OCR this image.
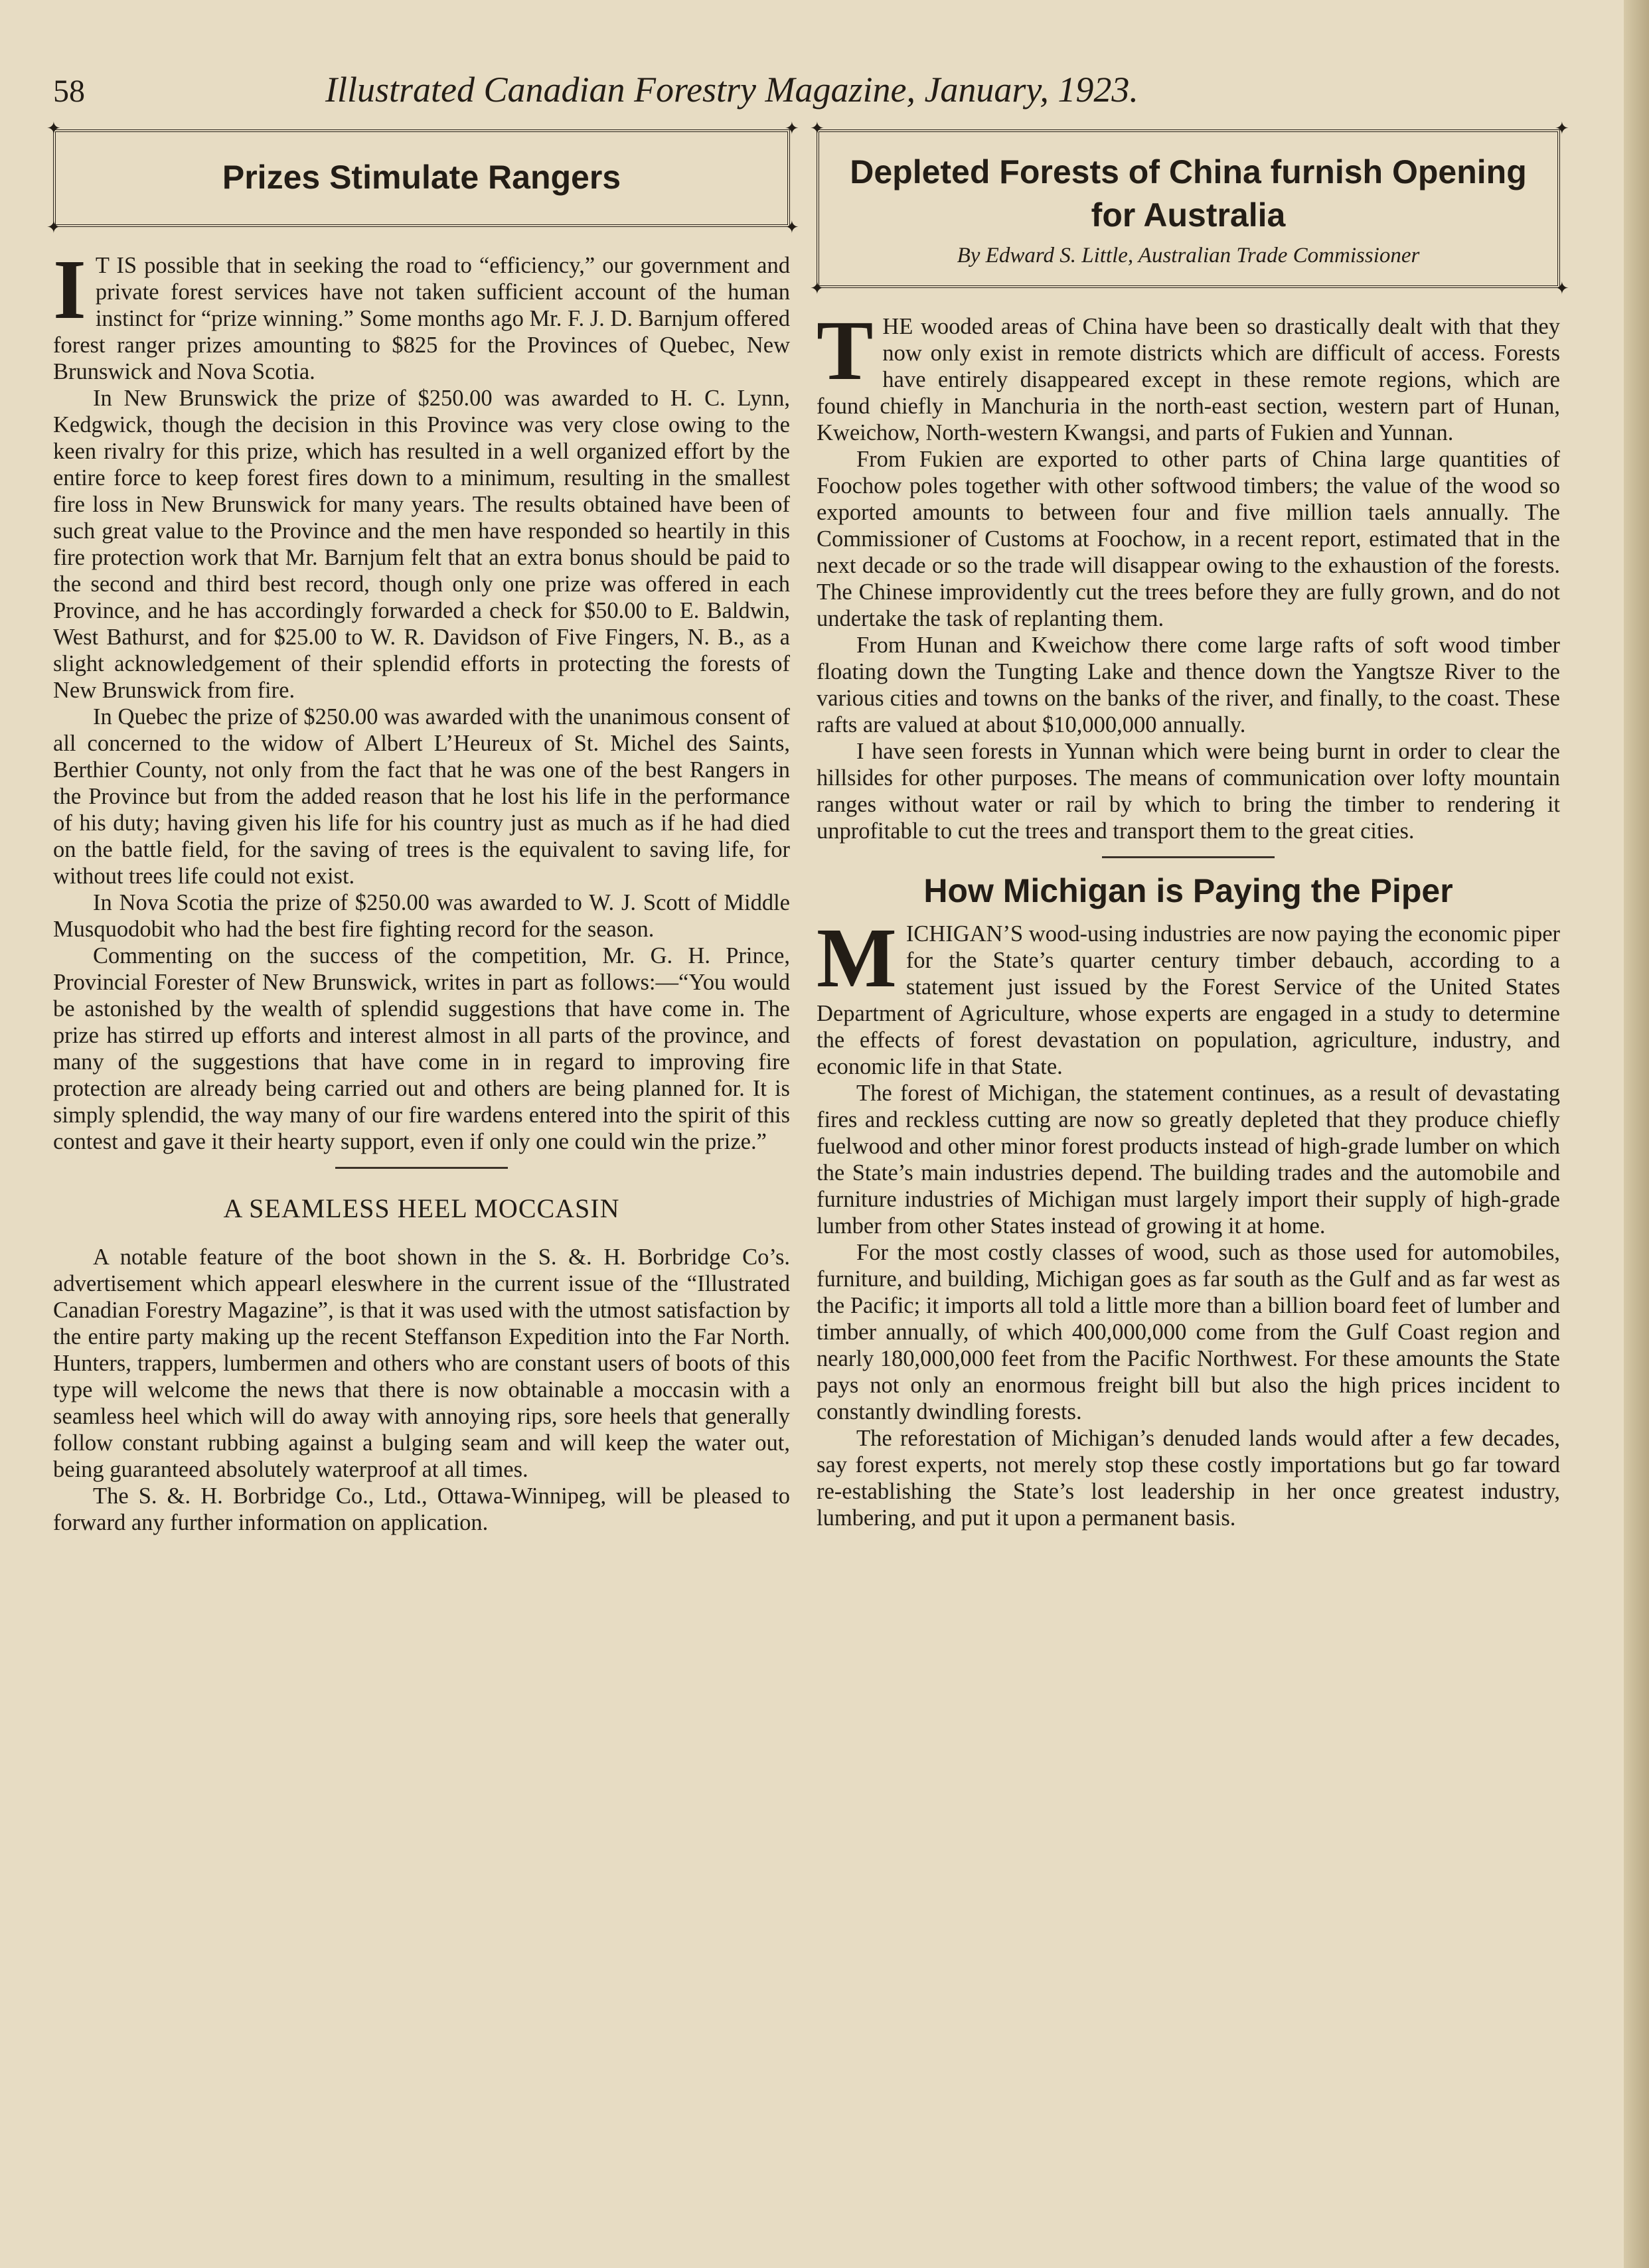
58	Illustrated Canadian Forestry Magazine, January, 1923.
✦	✦
✦	✦
Prizes Stimulate Rangers

I T IS possible that in seeking the road to “efficiency,” our government and private forest services have not taken sufficient account of the human instinct for “prize winning.” Some months ago Mr. F. J. D. Barnjum offered forest ranger prizes amounting to $825 for the Provinces of Quebec, New Brunswick and Nova Scotia.

In New Brunswick the prize of $250.00 was awarded to H. C. Lynn, Kedgwick, though the decision in this Province was very close owing to the keen rivalry for this prize, which has resulted in a well organized effort by the entire force to keep forest fires down to a minimum, resulting in the smallest fire loss in New Brunswick for many years. The results obtained have been of such great value to the Province and the men have responded so heartily in this fire protection work that Mr. Barnjum felt that an extra bonus should be paid to the second and third best record, though only one prize was offered in each Province, and he has accordingly forwarded a check for $50.00 to E. Baldwin, West Bathurst, and for $25.00 to W. R. Davidson of Five Fingers, N. B., as a slight acknowledgement of their splendid efforts in protecting the forests of New Brunswick from fire.

In Quebec the prize of $250.00 was awarded with the unanimous consent of all concerned to the widow of Albert L’Heureux of St. Michel des Saints, Berthier County, not only from the fact that he was one of the best Rangers in the Province but from the added reason that he lost his life in the performance of his duty; having given his life for his country just as much as if he had died on the battle field, for the saving of trees is the equivalent to saving life, for without trees life could not exist.

In Nova Scotia the prize of $250.00 was awarded to W. J. Scott of Middle Musquodobit who had the best fire fighting record for the season.

Commenting on the success of the competition, Mr. G. H. Prince, Provincial Forester of New Brunswick, writes in part as follows:—“You would be astonished by the wealth of splendid suggestions that have come in. The prize has stirred up efforts and interest almost in all parts of the province, and many of the suggestions that have come in in regard to improving fire protection are already being carried out and others are being planned for. It is simply splendid, the way many of our fire wardens entered into the spirit of this contest and gave it their hearty support, even if only one could win the prize.”

A SEAMLESS HEEL MOCCASIN

A notable feature of the boot shown in the S. &. H. Borbridge Co’s. advertisement which appearl eleswhere in the current issue of the “Illustrated Canadian Forestry Magazine”, is that it was used with the utmost satisfaction by the entire party making up the recent Steffanson Expedition into the Far North. Hunters, trappers, lumbermen and others who are constant users of boots of this type will welcome the news that there is now obtainable a moccasin with a seamless heel which will do away with annoying rips, sore heels that generally follow constant rubbing against a bulging seam and will keep the water out, being guaranteed absolutely waterproof at all times.

The S. &. H. Borbridge Co., Ltd., Ottawa-Winnipeg, will be pleased to forward any further information on application.

✦	✦
✦	✦
Depleted Forests of China furnish Opening for Australia
By Edward S. Little, Australian Trade Commissioner

THE wooded areas of China have been so drastically dealt with that they now only exist in remote districts which are difficult of access. Forests have entirely disappeared except in these remote regions, which are found chiefly in Manchuria in the north-east section, western part of Hunan, Kweichow, North-western Kwangsi, and parts of Fukien and Yunnan.

From Fukien are exported to other parts of China large quantities of Foochow poles together with other softwood timbers; the value of the wood so exported amounts to between four and five million taels annually. The Commissioner of Customs at Foochow, in a recent report, estimated that in the next decade or so the trade will disappear owing to the exhaustion of the forests. The Chinese improvidently cut the trees before they are fully grown, and do not undertake the task of replanting them.

From Hunan and Kweichow there come large rafts of soft wood timber floating down the Tungting Lake and thence down the Yangtsze River to the various cities and towns on the banks of the river, and finally, to the coast. These rafts are valued at about $10,000,000 annually.

I have seen forests in Yunnan which were being burnt in order to clear the hillsides for other purposes. The means of communication over lofty mountain ranges without water or rail by which to bring the timber to rendering it unprofitable to cut the trees and transport them to the great cities.

How Michigan is Paying the Piper

MICHIGAN’S wood-using industries are now paying the economic piper for the State’s quarter century timber debauch, according to a statement just issued by the Forest Service of the United States Department of Agriculture, whose experts are engaged in a study to determine the effects of forest devastation on population, agriculture, industry, and economic life in that State.

The forest of Michigan, the statement continues, as a result of devastating fires and reckless cutting are now so greatly depleted that they produce chiefly fuelwood and other minor forest products instead of high-grade lumber on which the State’s main industries depend. The building trades and the automobile and furniture industries of Michigan must largely import their supply of high-grade lumber from other States instead of growing it at home.

For the most costly classes of wood, such as those used for automobiles, furniture, and building, Michigan goes as far south as the Gulf and as far west as the Pacific; it imports all told a little more than a billion board feet of lumber and timber annually, of which 400,000,000 come from the Gulf Coast region and nearly 180,000,000 feet from the Pacific Northwest. For these amounts the State pays not only an enormous freight bill but also the high prices incident to constantly dwindling forests.

The reforestation of Michigan’s denuded lands would after a few decades, say forest experts, not merely stop these costly importations but go far toward re-establishing the State’s lost leadership in her once greatest industry, lumbering, and put it upon a permanent basis.
